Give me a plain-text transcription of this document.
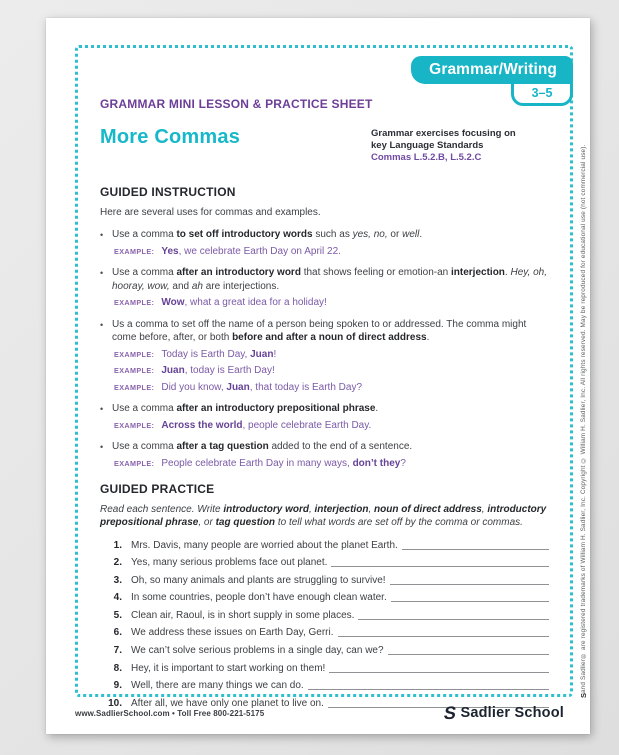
Grammar/Writing
3–5
GRAMMAR MINI LESSON & PRACTICE SHEET
More Commas	Grammar exercises focusing on
key Language Standards
Commas L.5.2.B, L.5.2.C
GUIDED INSTRUCTION

Here are several uses for commas and examples.

• Use a comma to set off introductory words such as yes, no, or well.

EXAMPLE: Yes, we celebrate Earth Day on April 22.
• Use a comma after an introductory word that shows feeling or emotion-an interjection. Hey, oh, hooray, wow, and ah are interjections.

EXAMPLE: Wow, what a great idea for a holiday!
• Us a comma to set off the name of a person being spoken to or addressed. The comma might come before, after, or both before and after a noun of direct address.

EXAMPLE: Today is Earth Day, Juan!
EXAMPLE: Juan, today is Earth Day!
EXAMPLE: Did you know, Juan, that today is Earth Day?
• Use a comma after an introductory prepositional phrase.

EXAMPLE: Across the world, people celebrate Earth Day.
• Use a comma after a tag question added to the end of a sentence.

EXAMPLE: People celebrate Earth Day in many ways, don’t they?
GUIDED PRACTICE

Read each sentence. Write introductory word, interjection, noun of direct address, introductory prepositional phrase, or tag question to tell what words are set off by the comma or commas.

1. Mrs. Davis, many people are worried about the planet Earth.
2. Yes, many serious problems face out planet.
3. Oh, so many animals and plants are struggling to survive!
4. In some countries, people don’t have enough clean water.
5. Clean air, Raoul, is in short supply in some places.
6. We address these issues on Earth Day, Gerri.
7. We can’t solve serious problems in a single day, can we?
8. Hey, it is important to start working on them!
9. Well, there are many things we can do.
10. After all, we have only one planet to live on.
www.SadlierSchool.com • Toll Free 800-221-5175	S Sadlier School
S
and Sadlier® are registered trademarks of William H. Sadlier, Inc. Copyright © William H. Sadlier, Inc. All rights reserved. May be reproduced for educational use (not commercial use).
